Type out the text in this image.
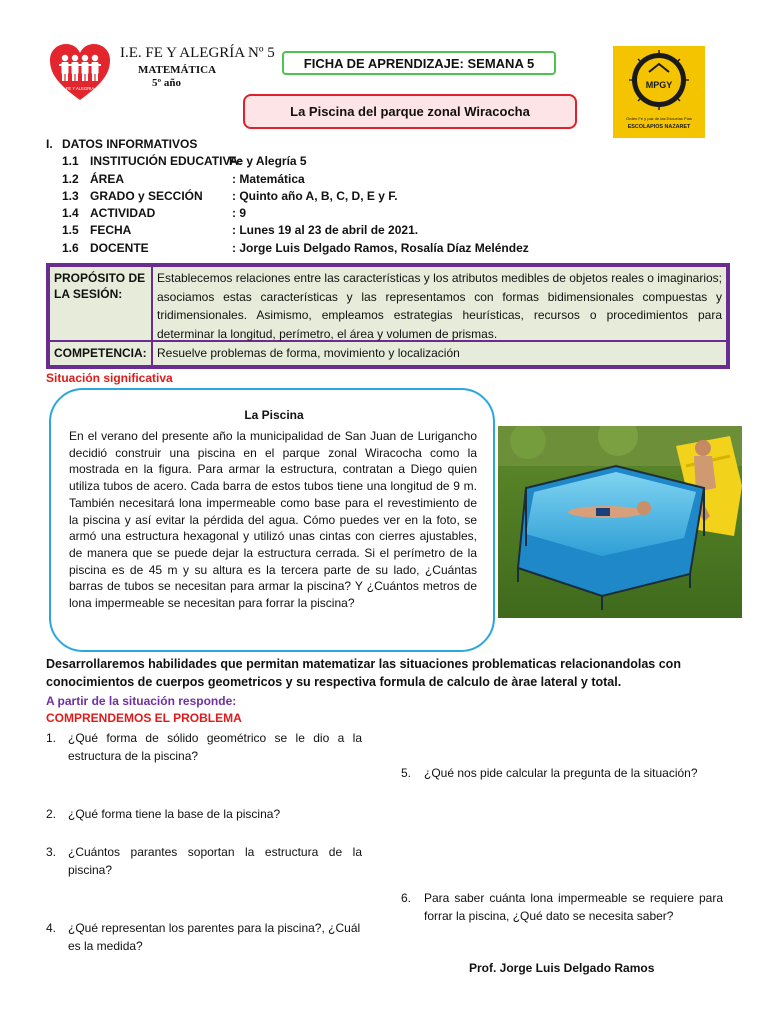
FE Y ALEGRIA
I.E. FE Y ALEGRÍA Nº 5
MATEMÁTICA
5º año
FICHA DE APRENDIZAJE: SEMANA 5
La Piscina del parque zonal Wiracocha
MPGY
Orden Fe y paz de las Escuelas Pías
ESCOLAPIOS NAZARET
I. DATOS INFORMATIVOS
1.1 INSTITUCIÓN EDUCATIVA:
Fe y Alegría 5
1.2 ÁREA	: Matemática
1.3 GRADO y SECCIÓN : Quinto año A, B, C, D, E y F.
1.4 ACTIVIDAD	: 9
1.5 FECHA	: Lunes 19 al 23 de abril de 2021.
1.6 DOCENTE	: Jorge Luis Delgado Ramos, Rosalía Díaz Meléndez
PROPÓSITO DE LA SESIÓN:
Establecemos relaciones entre las características y los atributos medibles de objetos reales o imaginarios; asociamos estas características y las representamos con formas bidimensionales compuestas y tridimensionales. Asimismo, empleamos estrategias heurísticas, recursos o procedimientos para determinar la longitud, perímetro, el área y volumen de prismas.
COMPETENCIA: Resuelve problemas de forma, movimiento y localización
Situación significativa
La Piscina
En el verano del presente año la municipalidad de San Juan de Lurigancho decidió construir una piscina en el parque zonal Wiracocha como la mostrada en la figura. Para armar la estructura, contratan a Diego quien utiliza tubos de acero. Cada barra de estos tubos tiene una longitud de 9 m. También necesitará lona impermeable como base para el revestimiento de la piscina y así evitar la pérdida del agua. Cómo puedes ver en la foto, se armó una estructura hexagonal y utilizó unas cintas con cierres ajustables, de manera que se puede dejar la estructura cerrada. Si el perímetro de la piscina es de 45 m y su altura es la tercera parte de su lado, ¿Cuántas barras de tubos se necesitan para armar la piscina? Y ¿Cuántos metros de lona impermeable se necesitan para forrar la piscina?
Desarrollaremos habilidades que permitan matematizar las situaciones problematicas relacionandolas con conocimientos de cuerpos geometricos y su respectiva formula de calculo de àrae lateral y total.
A partir de la situación responde:
COMPRENDEMOS EL PROBLEMA
1. ¿Qué forma de sólido geométrico se le dio a la estructura de la piscina?
2. ¿Qué forma tiene la base de la piscina?
3. ¿Cuántos parantes soportan la estructura de la piscina?
4. ¿Qué representan los parentes para la piscina?, ¿Cuál es la medida?
5.	¿Qué nos pide calcular la pregunta de la situación?
6.	Para saber cuánta lona impermeable se requiere para forrar la piscina, ¿Qué dato se necesita saber?
Prof. Jorge Luis Delgado Ramos
